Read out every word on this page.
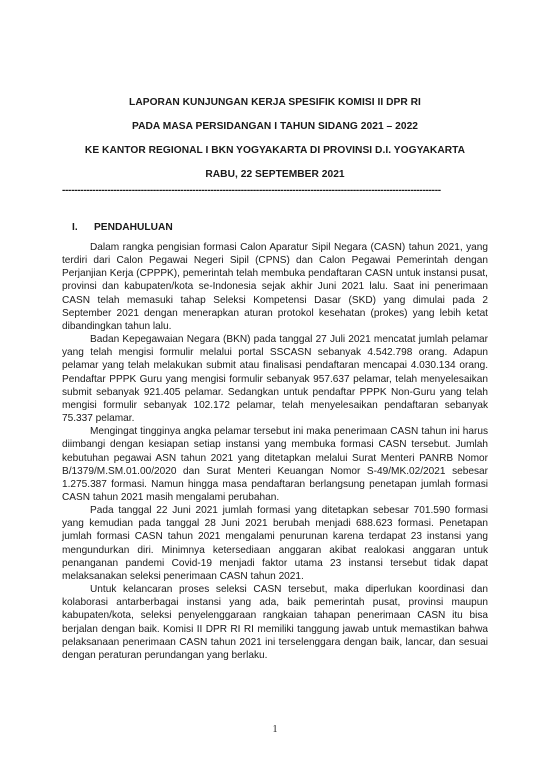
LAPORAN KUNJUNGAN KERJA SPESIFIK KOMISI II DPR RI
PADA MASA PERSIDANGAN I TAHUN SIDANG 2021 – 2022
KE KANTOR REGIONAL I BKN YOGYAKARTA DI PROVINSI D.I. YOGYAKARTA
RABU, 22 SEPTEMBER 2021
-----------------------------------------------------------------------------------------------------------------------------
I. PENDAHULUAN

Dalam rangka pengisian formasi Calon Aparatur Sipil Negara (CASN) tahun 2021, yang terdiri dari Calon Pegawai Negeri Sipil (CPNS) dan Calon Pegawai Pemerintah dengan Perjanjian Kerja (CPPPK), pemerintah telah membuka pendaftaran CASN untuk instansi pusat, provinsi dan kabupaten/kota se-Indonesia sejak akhir Juni 2021 lalu. Saat ini penerimaan CASN telah memasuki tahap Seleksi Kompetensi Dasar (SKD) yang dimulai pada 2 September 2021 dengan menerapkan aturan protokol kesehatan (prokes) yang lebih ketat dibandingkan tahun lalu.

Badan Kepegawaian Negara (BKN) pada tanggal 27 Juli 2021 mencatat jumlah pelamar yang telah mengisi formulir melalui portal SSCASN sebanyak 4.542.798 orang. Adapun pelamar yang telah melakukan submit atau finalisasi pendaftaran mencapai 4.030.134 orang. Pendaftar PPPK Guru yang mengisi formulir sebanyak 957.637 pelamar, telah menyelesaikan submit sebanyak 921.405 pelamar. Sedangkan untuk pendaftar PPPK Non-Guru yang telah mengisi formulir sebanyak 102.172 pelamar, telah menyelesaikan pendaftaran sebanyak 75.337 pelamar.

Mengingat tingginya angka pelamar tersebut ini maka penerimaan CASN tahun ini harus diimbangi dengan kesiapan setiap instansi yang membuka formasi CASN tersebut. Jumlah kebutuhan pegawai ASN tahun 2021 yang ditetapkan melalui Surat Menteri PANRB Nomor B/1379/M.SM.01.00/2020 dan Surat Menteri Keuangan Nomor S-49/MK.02/2021 sebesar 1.275.387 formasi. Namun hingga masa pendaftaran berlangsung penetapan jumlah formasi CASN tahun 2021 masih mengalami perubahan.

Pada tanggal 22 Juni 2021 jumlah formasi yang ditetapkan sebesar 701.590 formasi yang kemudian pada tanggal 28 Juni 2021 berubah menjadi 688.623 formasi. Penetapan jumlah formasi CASN tahun 2021 mengalami penurunan karena terdapat 23 instansi yang mengundurkan diri. Minimnya ketersediaan anggaran akibat realokasi anggaran untuk penanganan pandemi Covid-19 menjadi faktor utama 23 instansi tersebut tidak dapat melaksanakan seleksi penerimaan CASN tahun 2021.

Untuk kelancaran proses seleksi CASN tersebut, maka diperlukan koordinasi dan kolaborasi antarberbagai instansi yang ada, baik pemerintah pusat, provinsi maupun kabupaten/kota, seleksi penyelenggaraan rangkaian tahapan penerimaan CASN itu bisa berjalan dengan baik. Komisi II DPR RI RI memiliki tanggung jawab untuk memastikan bahwa pelaksanaan penerimaan CASN tahun 2021 ini terselenggara dengan baik, lancar, dan sesuai dengan peraturan perundangan yang berlaku.

1
